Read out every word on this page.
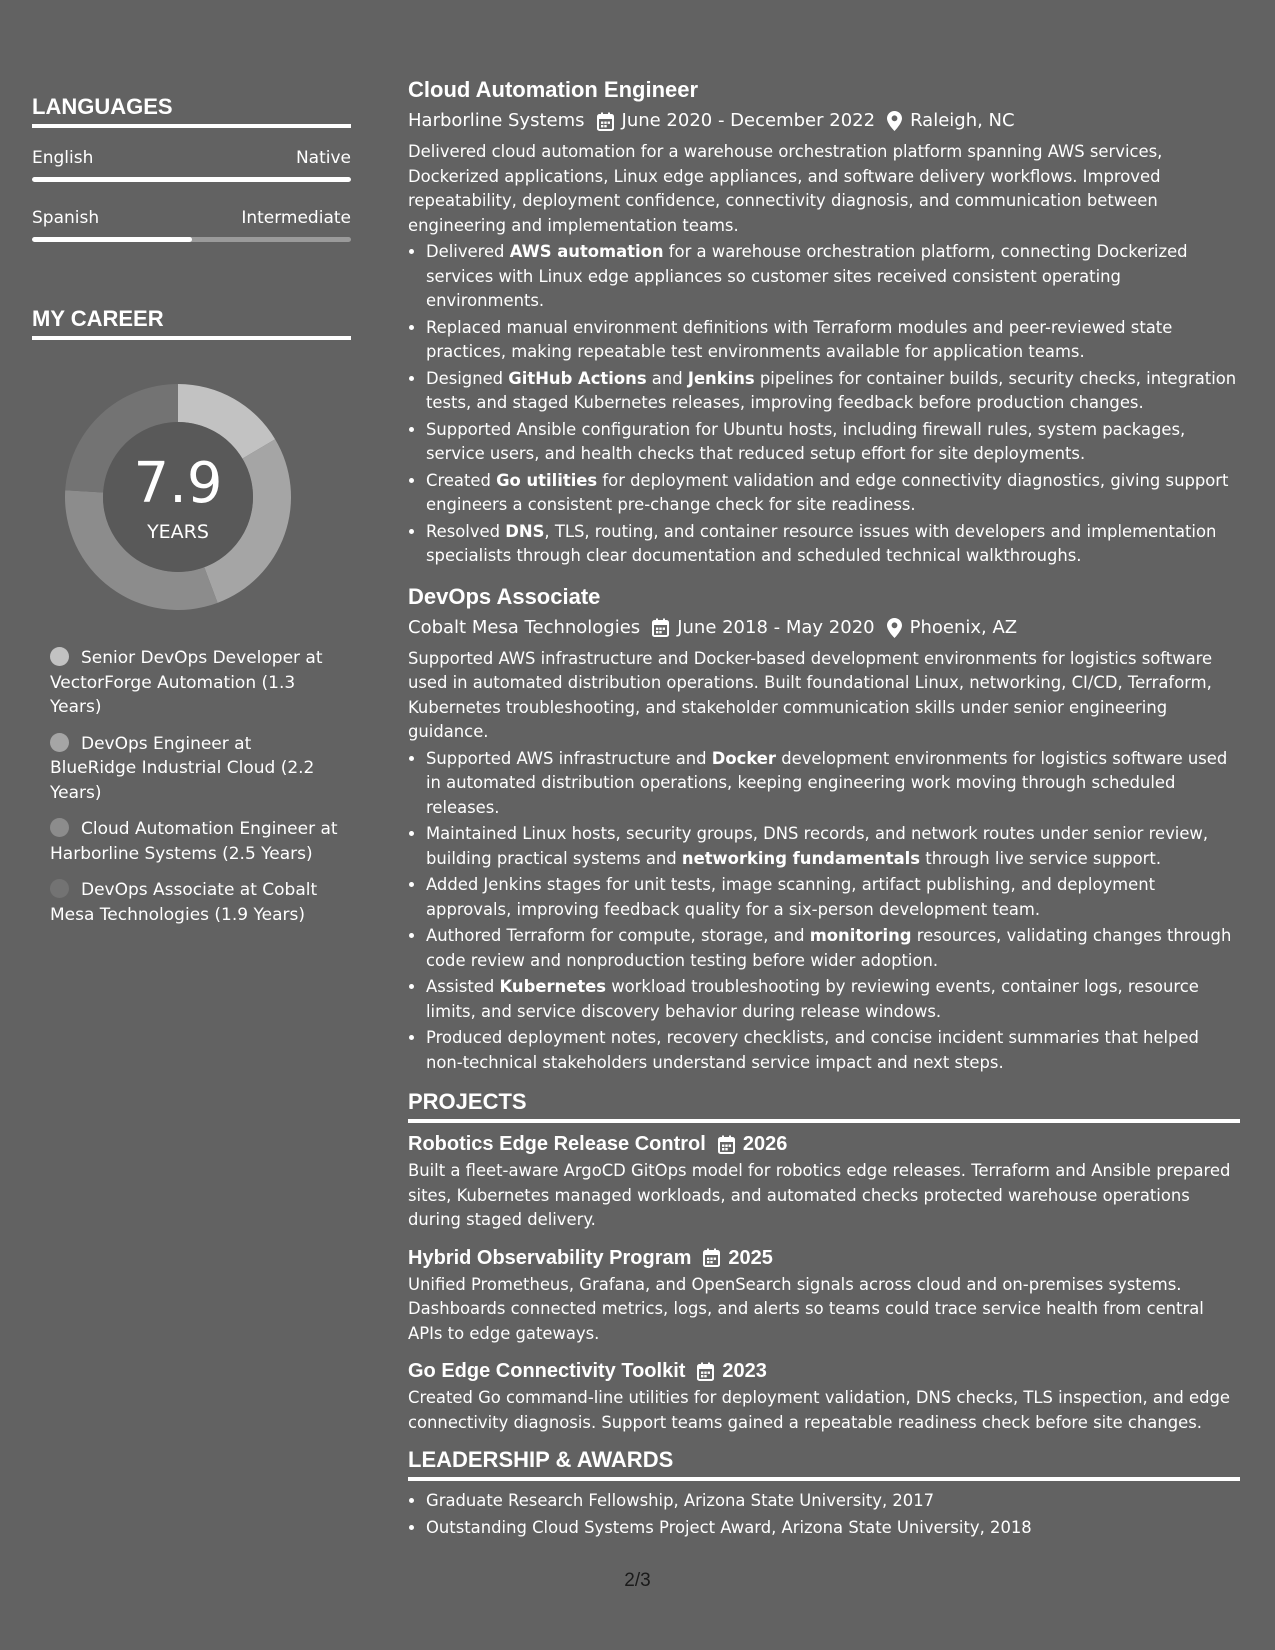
LANGUAGES
English	Native
Spanish	Intermediate
MY CAREER
7.9
YEARS
Senior DevOps Developer at VectorForge Automation (1.3 Years)
DevOps Engineer at BlueRidge Industrial Cloud (2.2 Years)
Cloud Automation Engineer at Harborline Systems (2.5 Years)
DevOps Associate at Cobalt Mesa Technologies (1.9 Years)
Cloud Automation Engineer
Harborline Systems June 2020 - December 2022 Raleigh, NC

Delivered cloud automation for a warehouse orchestration platform spanning AWS services, Dockerized applications, Linux edge appliances, and software delivery workflows. Improved repeatability, deployment confidence, connectivity diagnosis, and communication between engineering and implementation teams.

• Delivered AWS automation for a warehouse orchestration platform, connecting Dockerized services with Linux edge appliances so customer sites received consistent operating environments.
• Replaced manual environment definitions with Terraform modules and peer-reviewed state practices, making repeatable test environments available for application teams.
• Designed GitHub Actions and Jenkins pipelines for container builds, security checks, integration tests, and staged Kubernetes releases, improving feedback before production changes.
• Supported Ansible configuration for Ubuntu hosts, including firewall rules, system packages, service users, and health checks that reduced setup effort for site deployments.
• Created Go utilities for deployment validation and edge connectivity diagnostics, giving support engineers a consistent pre-change check for site readiness.
• Resolved DNS, TLS, routing, and container resource issues with developers and implementation specialists through clear documentation and scheduled technical walkthroughs.
DevOps Associate
Cobalt Mesa Technologies June 2018 - May 2020 Phoenix, AZ

Supported AWS infrastructure and Docker-based development environments for logistics software used in automated distribution operations. Built foundational Linux, networking, CI/CD, Terraform, Kubernetes troubleshooting, and stakeholder communication skills under senior engineering guidance.

• Supported AWS infrastructure and Docker development environments for logistics software used in automated distribution operations, keeping engineering work moving through scheduled releases.
• Maintained Linux hosts, security groups, DNS records, and network routes under senior review, building practical systems and networking fundamentals through live service support.
• Added Jenkins stages for unit tests, image scanning, artifact publishing, and deployment approvals, improving feedback quality for a six-person development team.
• Authored Terraform for compute, storage, and monitoring resources, validating changes through code review and nonproduction testing before wider adoption.
• Assisted Kubernetes workload troubleshooting by reviewing events, container logs, resource limits, and service discovery behavior during release windows.
• Produced deployment notes, recovery checklists, and concise incident summaries that helped non-technical stakeholders understand service impact and next steps.
PROJECTS
Robotics Edge Release Control 2026

Built a fleet-aware ArgoCD GitOps model for robotics edge releases. Terraform and Ansible prepared sites, Kubernetes managed workloads, and automated checks protected warehouse operations during staged delivery.

Hybrid Observability Program 2025

Unified Prometheus, Grafana, and OpenSearch signals across cloud and on-premises systems. Dashboards connected metrics, logs, and alerts so teams could trace service health from central APIs to edge gateways.

Go Edge Connectivity Toolkit 2023

Created Go command-line utilities for deployment validation, DNS checks, TLS inspection, and edge connectivity diagnosis. Support teams gained a repeatable readiness check before site changes.

LEADERSHIP & AWARDS
• Graduate Research Fellowship, Arizona State University, 2017
• Outstanding Cloud Systems Project Award, Arizona State University, 2018
2/3
